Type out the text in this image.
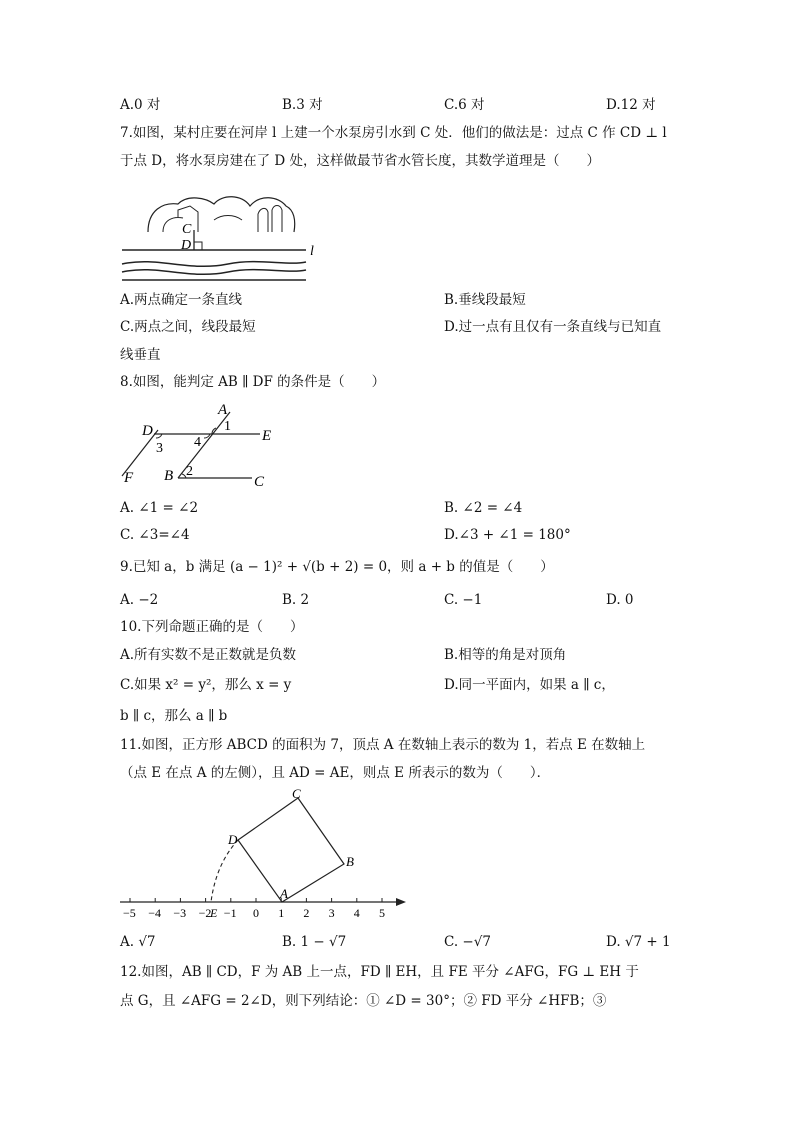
A.0 对	B.3 对	C.6 对	D.12 对
7.如图，某村庄要在河岸 l 上建一个水泵房引水到 C 处．他们的做法是：过点 C 作 CD ⊥ l
于点 D，将水泵房建在了 D 处，这样做最节省水管长度，其数学道理是（　　）
C
D	l
A.两点确定一条直线	B.垂线段最短
C.两点之间，线段最短	D.过一点有且仅有一条直线与已知直
线垂直
8.如图，能判定 AB ∥ DF 的条件是（　　）
A
D	E
F B	C
1
4
3
2
A. ∠1 = ∠2	B. ∠2 = ∠4
C. ∠3=∠4	D.∠3 + ∠1 = 180°
9.已知 a，b 满足 (a − 1)² + √(b + 2) = 0，则 a + b 的值是（　　）
A. −2	B. 2	C. −1	D. 0
10.下列命题正确的是（　　）
A.所有实数不是正数就是负数	B.相等的角是对顶角
C.如果 x² = y²，那么 x = y	D.同一平面内，如果 a ∥ c，
b ∥ c，那么 a ∥ b
11.如图，正方形 ABCD 的面积为 7，顶点 A 在数轴上表示的数为 1，若点 E 在数轴上
（点 E 在点 A 的左侧），且 AD = AE，则点 E 所表示的数为（　　）．
−5 −4 −3 −2 −1 0 1 2 3 4 5
A
B
C
D
E
A. √7	B. 1 − √7	C. −√7	D. √7 + 1
12.如图，AB ∥ CD，F 为 AB 上一点，FD ∥ EH，且 FE 平分 ∠AFG，FG ⊥ EH 于
点 G，且 ∠AFG = 2∠D，则下列结论：① ∠D = 30°；② FD 平分 ∠HFB；③
